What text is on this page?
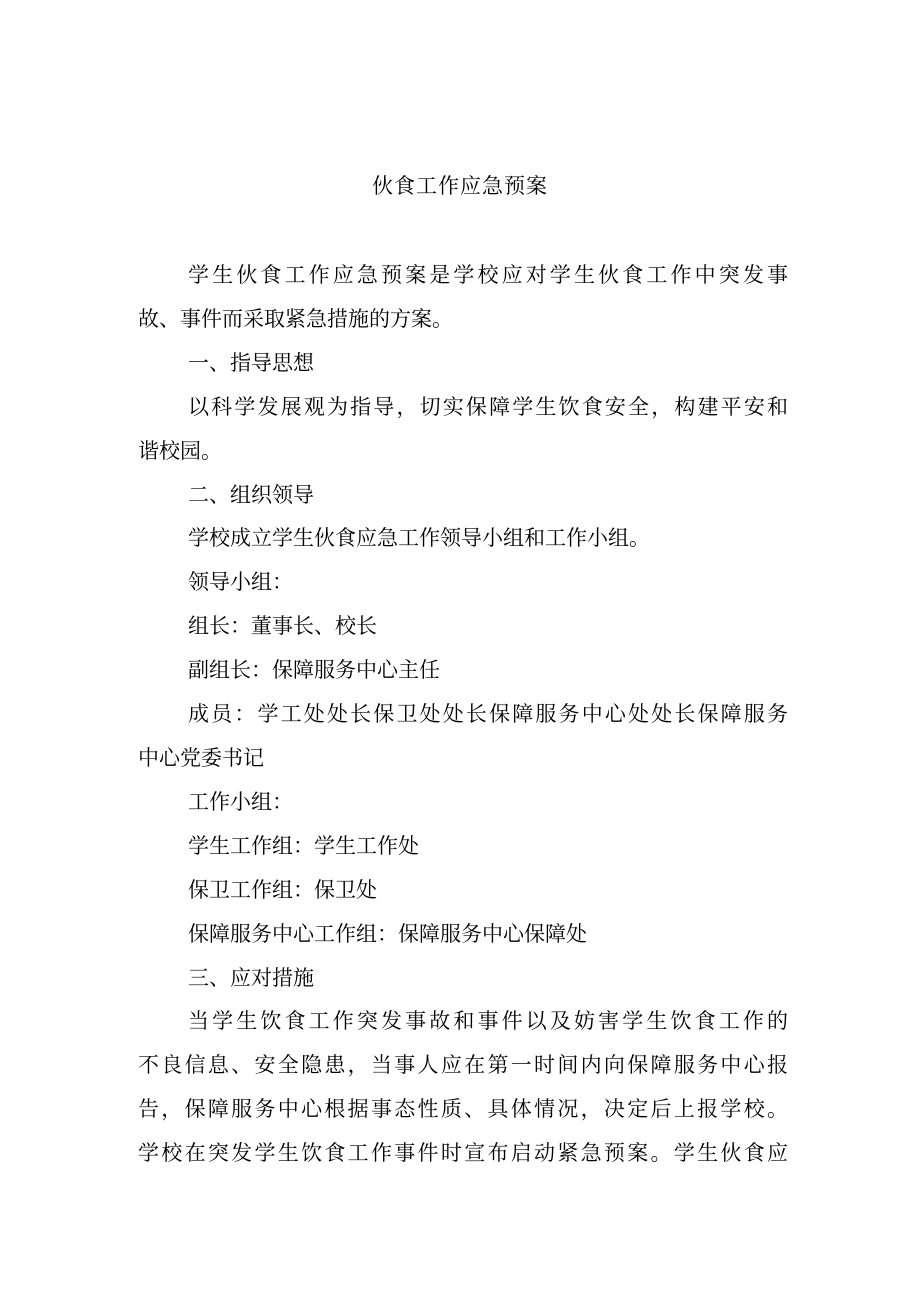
伙食工作应急预案

学生伙食工作应急预案是学校应对学生伙食工作中突发事

故、事件而采取紧急措施的方案。

一、指导思想

以科学发展观为指导，切实保障学生饮食安全，构建平安和

谐校园。

二、组织领导

学校成立学生伙食应急工作领导小组和工作小组。

领导小组：

组长：董事长、校长

副组长：保障服务中心主任

成员：学工处处长保卫处处长保障服务中心处处长保障服务

中心党委书记

工作小组：

学生工作组：学生工作处

保卫工作组：保卫处

保障服务中心工作组：保障服务中心保障处

三、应对措施

当学生饮食工作突发事故和事件以及妨害学生饮食工作的

不良信息、安全隐患，当事人应在第一时间内向保障服务中心报

告，保障服务中心根据事态性质、具体情况，决定后上报学校。

学校在突发学生饮食工作事件时宣布启动紧急预案。学生伙食应
